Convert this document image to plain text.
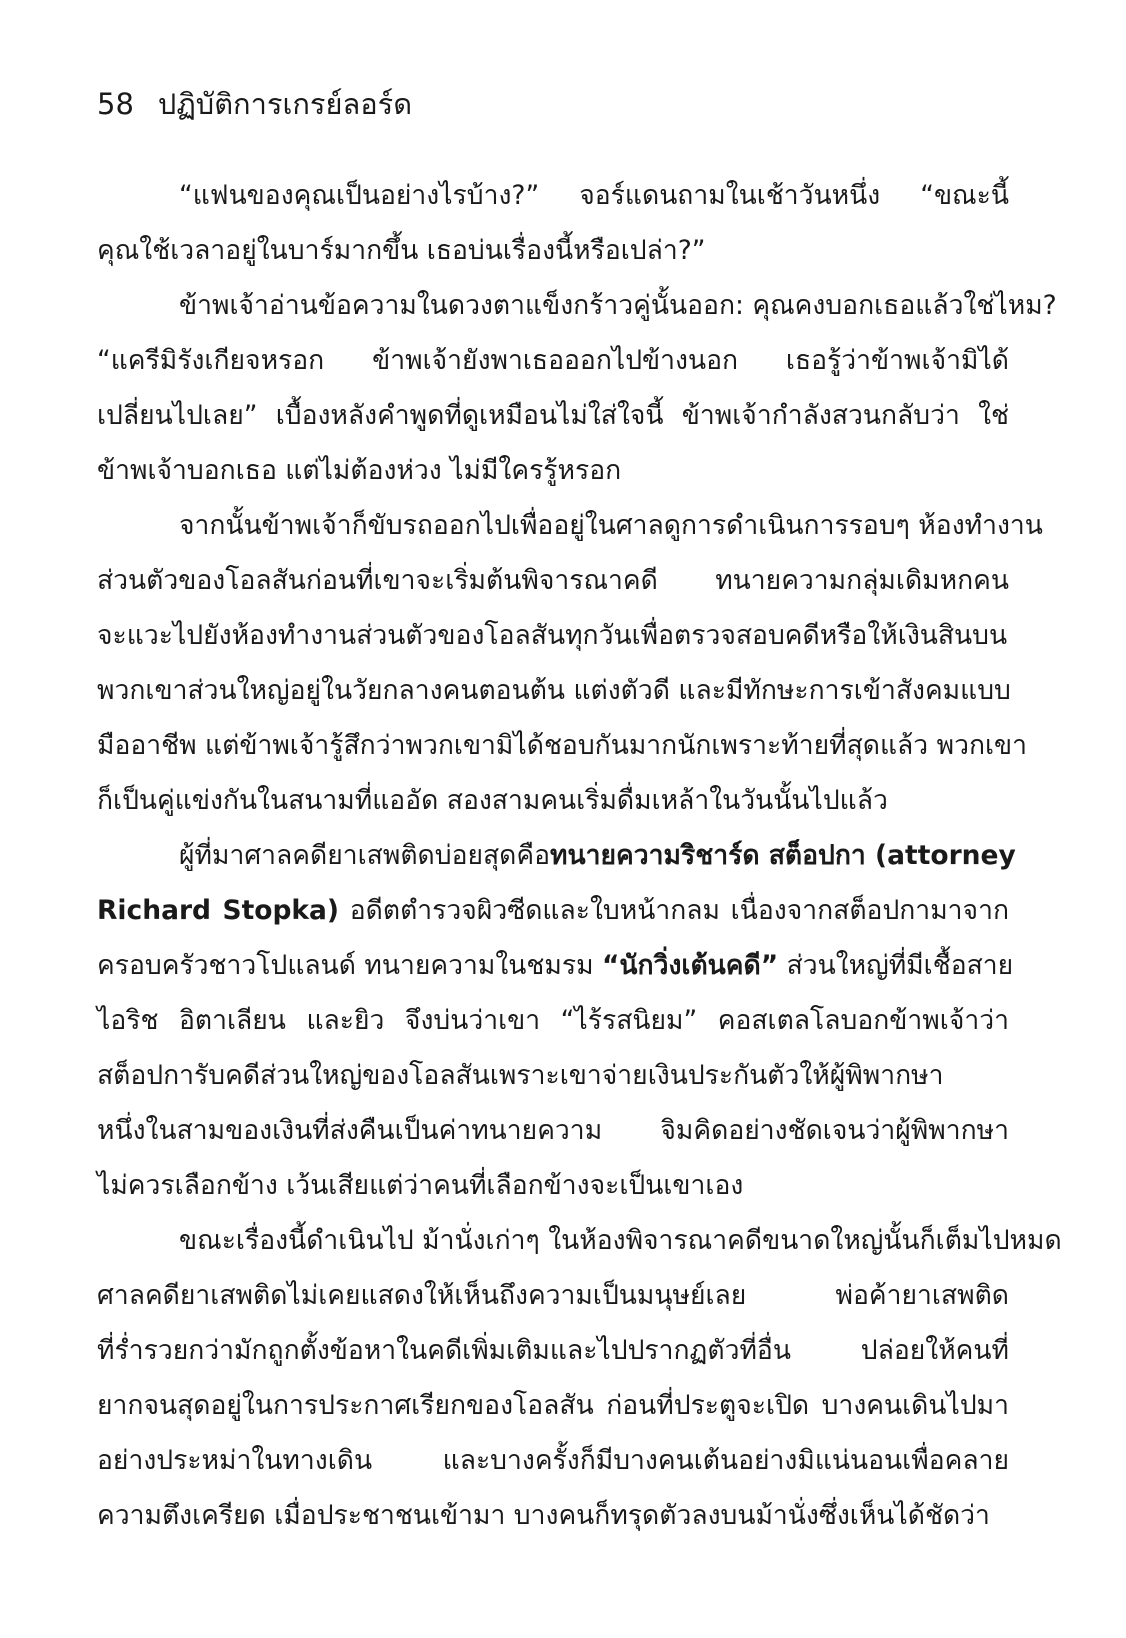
58 ปฏิบัติการเกรย์ลอร์ด
“แฟนของคุณเป็นอย่างไรบ้าง?” จอร์แดนถามในเช้าวันหนึ่ง “ขณะนี้
คุณใช้เวลาอยู่ในบาร์มากขึ้น เธอบ่นเรื่องนี้หรือเปล่า?”
ข้าพเจ้าอ่านข้อความในดวงตาแข็งกร้าวคู่นั้นออก: คุณคงบอกเธอแล้วใช่ไหม?
“แครีมิรังเกียจหรอก ข้าพเจ้ายังพาเธอออกไปข้างนอก เธอรู้ว่าข้าพเจ้ามิได้
เปลี่ยนไปเลย” เบื้องหลังคำพูดที่ดูเหมือนไม่ใส่ใจนี้ ข้าพเจ้ากำลังสวนกลับว่า ใช่
ข้าพเจ้าบอกเธอ แต่ไม่ต้องห่วง ไม่มีใครรู้หรอก
จากนั้นข้าพเจ้าก็ขับรถออกไปเพื่ออยู่ในศาลดูการดำเนินการรอบๆ ห้องทำงาน
ส่วนตัวของโอลสันก่อนที่เขาจะเริ่มต้นพิจารณาคดี ทนายความกลุ่มเดิมหกคน
จะแวะไปยังห้องทำงานส่วนตัวของโอลสันทุกวันเพื่อตรวจสอบคดีหรือให้เงินสินบน
พวกเขาส่วนใหญ่อยู่ในวัยกลางคนตอนต้น แต่งตัวดี และมีทักษะการเข้าสังคมแบบ
มืออาชีพ แต่ข้าพเจ้ารู้สึกว่าพวกเขามิได้ชอบกันมากนักเพราะท้ายที่สุดแล้ว พวกเขา
ก็เป็นคู่แข่งกันในสนามที่แออัด สองสามคนเริ่มดื่มเหล้าในวันนั้นไปแล้ว
ผู้ที่มาศาลคดียาเสพติดบ่อยสุดคือทนายความริชาร์ด สต็อปกา (attorney
Richard Stopka) อดีตตำรวจผิวซีดและใบหน้ากลม เนื่องจากสต็อปกามาจาก
ครอบครัวชาวโปแลนด์ ทนายความในชมรม “นักวิ่งเต้นคดี” ส่วนใหญ่ที่มีเชื้อสาย
ไอริช อิตาเลียน และยิว จึงบ่นว่าเขา “ไร้รสนิยม” คอสเตลโลบอกข้าพเจ้าว่า
สต็อปการับคดีส่วนใหญ่ของโอลสันเพราะเขาจ่ายเงินประกันตัวให้ผู้พิพากษา
หนึ่งในสามของเงินที่ส่งคืนเป็นค่าทนายความ จิมคิดอย่างชัดเจนว่าผู้พิพากษา
ไม่ควรเลือกข้าง เว้นเสียแต่ว่าคนที่เลือกข้างจะเป็นเขาเอง
ขณะเรื่องนี้ดำเนินไป ม้านั่งเก่าๆ ในห้องพิจารณาคดีขนาดใหญ่นั้นก็เต็มไปหมด
ศาลคดียาเสพติดไม่เคยแสดงให้เห็นถึงความเป็นมนุษย์เลย พ่อค้ายาเสพติด
ที่ร่ำรวยกว่ามักถูกตั้งข้อหาในคดีเพิ่มเติมและไปปรากฏตัวที่อื่น ปล่อยให้คนที่
ยากจนสุดอยู่ในการประกาศเรียกของโอลสัน ก่อนที่ประตูจะเปิด บางคนเดินไปมา
อย่างประหม่าในทางเดิน และบางครั้งก็มีบางคนเต้นอย่างมิแน่นอนเพื่อคลาย
ความตึงเครียด เมื่อประชาชนเข้ามา บางคนก็ทรุดตัวลงบนม้านั่งซึ่งเห็นได้ชัดว่า
